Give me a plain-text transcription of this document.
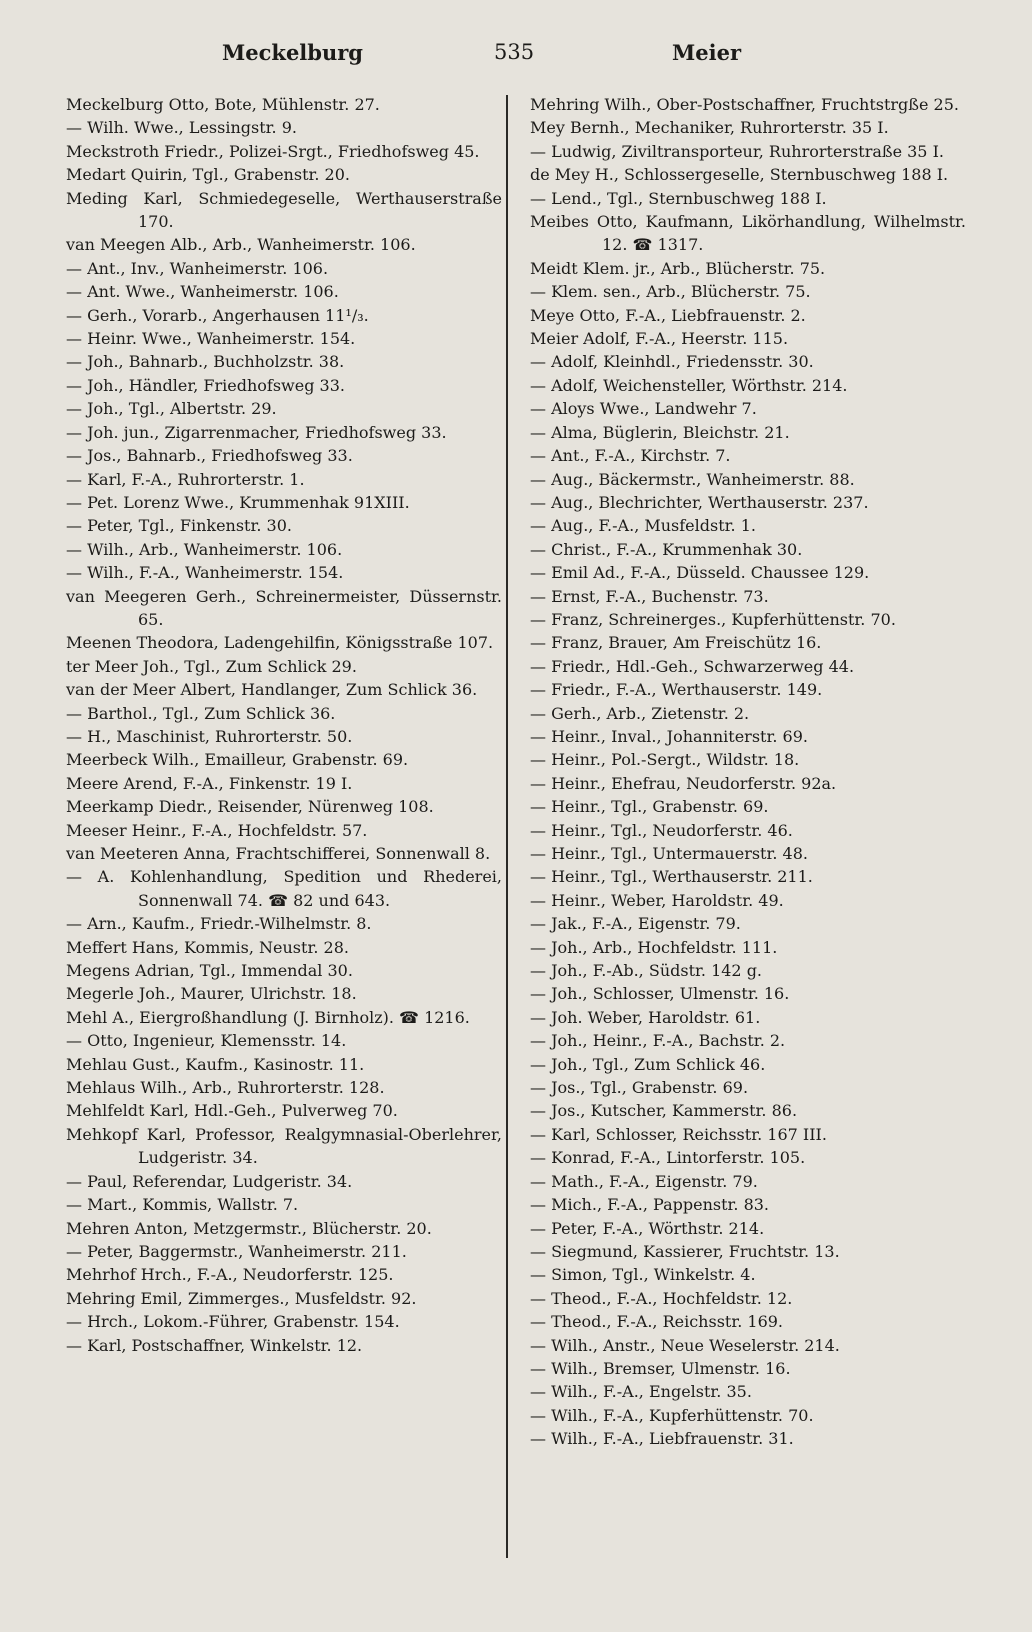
Meckelburg	535	Meier
Meckelburg Otto, Bote, Mühlenstr. 27.
— Wilh. Wwe., Lessingstr. 9.
Meckstroth Friedr., Polizei-Srgt., Friedhofsweg 45.
Medart Quirin, Tgl., Grabenstr. 20.
Meding Karl, Schmiedegeselle, Werthauserstraße 170.
van Meegen Alb., Arb., Wanheimerstr. 106.
— Ant., Inv., Wanheimerstr. 106.
— Ant. Wwe., Wanheimerstr. 106.
— Gerh., Vorarb., Angerhausen 11¹/₃.
— Heinr. Wwe., Wanheimerstr. 154.
— Joh., Bahnarb., Buchholzstr. 38.
— Joh., Händler, Friedhofsweg 33.
— Joh., Tgl., Albertstr. 29.
— Joh. jun., Zigarrenmacher, Friedhofsweg 33.
— Jos., Bahnarb., Friedhofsweg 33.
— Karl, F.-A., Ruhrorterstr. 1.
— Pet. Lorenz Wwe., Krummenhak 91XIII.
— Peter, Tgl., Finkenstr. 30.
— Wilh., Arb., Wanheimerstr. 106.
— Wilh., F.-A., Wanheimerstr. 154.
van Meegeren Gerh., Schreinermeister, Düssernstr. 65.
Meenen Theodora, Ladengehilfin, Königsstraße 107.
ter Meer Joh., Tgl., Zum Schlick 29.
van der Meer Albert, Handlanger, Zum Schlick 36.
— Barthol., Tgl., Zum Schlick 36.
— H., Maschinist, Ruhrorterstr. 50.
Meerbeck Wilh., Emailleur, Grabenstr. 69.
Meere Arend, F.-A., Finkenstr. 19 I.
Meerkamp Diedr., Reisender, Nürenweg 108.
Meeser Heinr., F.-A., Hochfeldstr. 57.
van Meeteren Anna, Frachtschifferei, Sonnenwall 8.
— A. Kohlenhandlung, Spedition und Rhederei, Sonnenwall 74. ☎ 82 und 643.
— Arn., Kaufm., Friedr.-Wilhelmstr. 8.
Meffert Hans, Kommis, Neustr. 28.
Megens Adrian, Tgl., Immendal 30.
Megerle Joh., Maurer, Ulrichstr. 18.
Mehl A., Eiergroßhandlung (J. Birnholz). ☎ 1216.
— Otto, Ingenieur, Klemensstr. 14.
Mehlau Gust., Kaufm., Kasinostr. 11.
Mehlaus Wilh., Arb., Ruhrorterstr. 128.
Mehlfeldt Karl, Hdl.-Geh., Pulverweg 70.
Mehkopf Karl, Professor, Realgymnasial-Oberlehrer, Ludgeristr. 34.
— Paul, Referendar, Ludgeristr. 34.
— Mart., Kommis, Wallstr. 7.
Mehren Anton, Metzgermstr., Blücherstr. 20.
— Peter, Baggermstr., Wanheimerstr. 211.
Mehrhof Hrch., F.-A., Neudorferstr. 125.
Mehring Emil, Zimmerges., Musfeldstr. 92.
— Hrch., Lokom.-Führer, Grabenstr. 154.
— Karl, Postschaffner, Winkelstr. 12.
Mehring Wilh., Ober-Postschaffner, Fruchtstrgße 25.
Mey Bernh., Mechaniker, Ruhrorterstr. 35 I.
— Ludwig, Ziviltransporteur, Ruhrorterstraße 35 I.
de Mey H., Schlossergeselle, Sternbuschweg 188 I.
— Lend., Tgl., Sternbuschweg 188 I.
Meibes Otto, Kaufmann, Likörhandlung, Wilhelmstr. 12. ☎ 1317.
Meidt Klem. jr., Arb., Blücherstr. 75.
— Klem. sen., Arb., Blücherstr. 75.
Meye Otto, F.-A., Liebfrauenstr. 2.
Meier Adolf, F.-A., Heerstr. 115.
— Adolf, Kleinhdl., Friedensstr. 30.
— Adolf, Weichensteller, Wörthstr. 214.
— Aloys Wwe., Landwehr 7.
— Alma, Büglerin, Bleichstr. 21.
— Ant., F.-A., Kirchstr. 7.
— Aug., Bäckermstr., Wanheimerstr. 88.
— Aug., Blechrichter, Werthauserstr. 237.
— Aug., F.-A., Musfeldstr. 1.
— Christ., F.-A., Krummenhak 30.
— Emil Ad., F.-A., Düsseld. Chaussee 129.
— Ernst, F.-A., Buchenstr. 73.
— Franz, Schreinerges., Kupferhüttenstr. 70.
— Franz, Brauer, Am Freischütz 16.
— Friedr., Hdl.-Geh., Schwarzerweg 44.
— Friedr., F.-A., Werthauserstr. 149.
— Gerh., Arb., Zietenstr. 2.
— Heinr., Inval., Johanniterstr. 69.
— Heinr., Pol.-Sergt., Wildstr. 18.
— Heinr., Ehefrau, Neudorferstr. 92a.
— Heinr., Tgl., Grabenstr. 69.
— Heinr., Tgl., Neudorferstr. 46.
— Heinr., Tgl., Untermauerstr. 48.
— Heinr., Tgl., Werthauserstr. 211.
— Heinr., Weber, Haroldstr. 49.
— Jak., F.-A., Eigenstr. 79.
— Joh., Arb., Hochfeldstr. 111.
— Joh., F.-Ab., Südstr. 142 g.
— Joh., Schlosser, Ulmenstr. 16.
— Joh. Weber, Haroldstr. 61.
— Joh., Heinr., F.-A., Bachstr. 2.
— Joh., Tgl., Zum Schlick 46.
— Jos., Tgl., Grabenstr. 69.
— Jos., Kutscher, Kammerstr. 86.
— Karl, Schlosser, Reichsstr. 167 III.
— Konrad, F.-A., Lintorferstr. 105.
— Math., F.-A., Eigenstr. 79.
— Mich., F.-A., Pappenstr. 83.
— Peter, F.-A., Wörthstr. 214.
— Siegmund, Kassierer, Fruchtstr. 13.
— Simon, Tgl., Winkelstr. 4.
— Theod., F.-A., Hochfeldstr. 12.
— Theod., F.-A., Reichsstr. 169.
— Wilh., Anstr., Neue Weselerstr. 214.
— Wilh., Bremser, Ulmenstr. 16.
— Wilh., F.-A., Engelstr. 35.
— Wilh., F.-A., Kupferhüttenstr. 70.
— Wilh., F.-A., Liebfrauenstr. 31.
